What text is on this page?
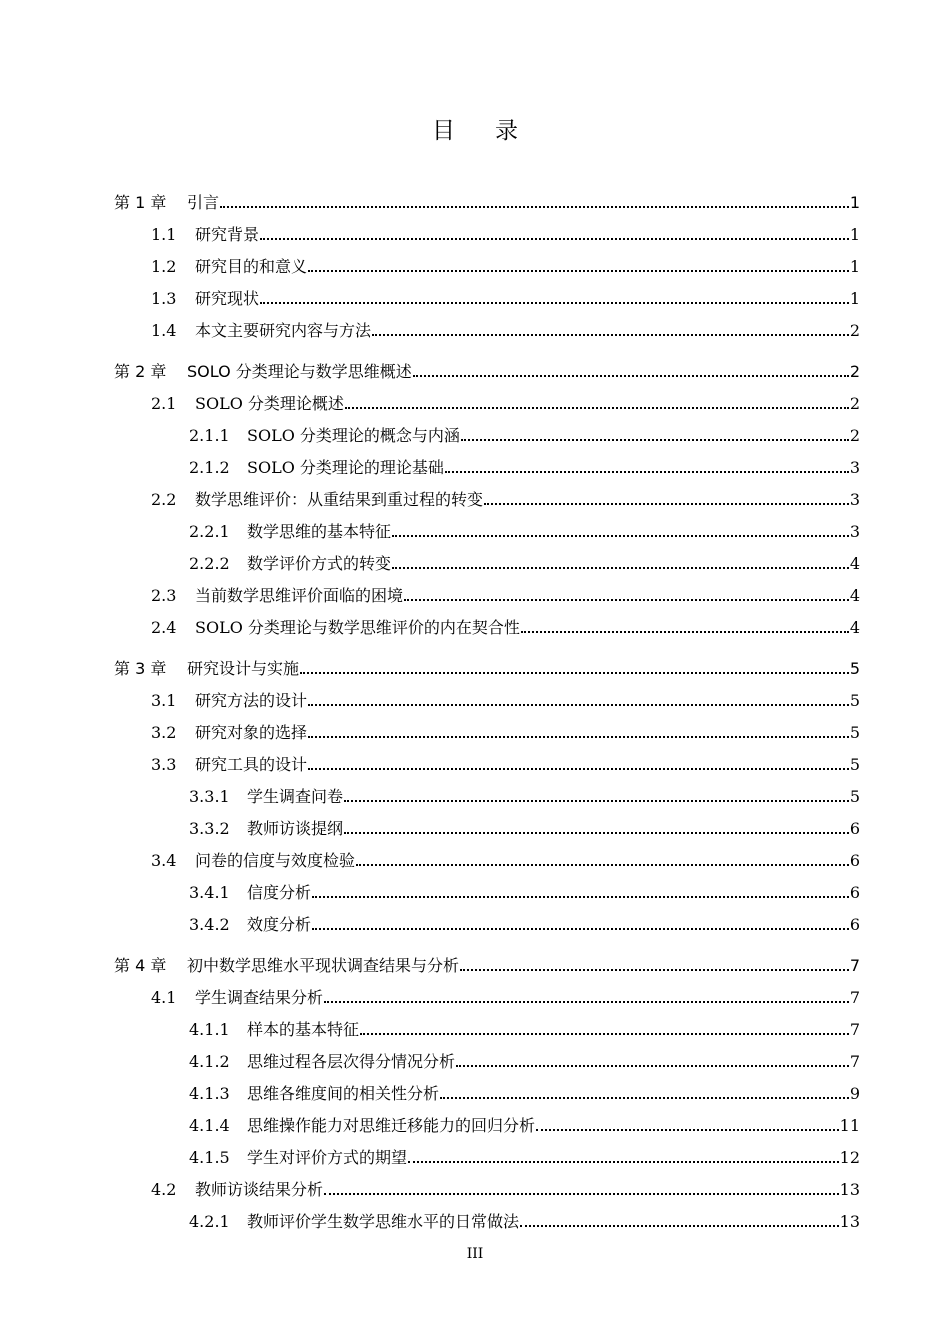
目 录
第 1 章	引言	1
1.1	研究背景	1
1.2	研究目的和意义	1
1.3	研究现状	1
1.4	本文主要研究内容与方法	2
第 2 章	SOLO 分类理论与数学思维概述	2
2.1	SOLO 分类理论概述	2
2.1.1	SOLO 分类理论的概念与内涵	2
2.1.2	SOLO 分类理论的理论基础	3
2.2	数学思维评价：从重结果到重过程的转变	3
2.2.1	数学思维的基本特征	3
2.2.2	数学评价方式的转变	4
2.3	当前数学思维评价面临的困境	4
2.4	SOLO 分类理论与数学思维评价的内在契合性	4
第 3 章	研究设计与实施	5
3.1	研究方法的设计	5
3.2	研究对象的选择	5
3.3	研究工具的设计	5
3.3.1	学生调查问卷	5
3.3.2	教师访谈提纲	6
3.4	问卷的信度与效度检验	6
3.4.1	信度分析	6
3.4.2	效度分析	6
第 4 章	初中数学思维水平现状调查结果与分析	7
4.1	学生调查结果分析	7
4.1.1	样本的基本特征	7
4.1.2	思维过程各层次得分情况分析	7
4.1.3	思维各维度间的相关性分析	9
4.1.4	思维操作能力对思维迁移能力的回归分析	11
4.1.5	学生对评价方式的期望	12
4.2	教师访谈结果分析	13
4.2.1	教师评价学生数学思维水平的日常做法	13
III
